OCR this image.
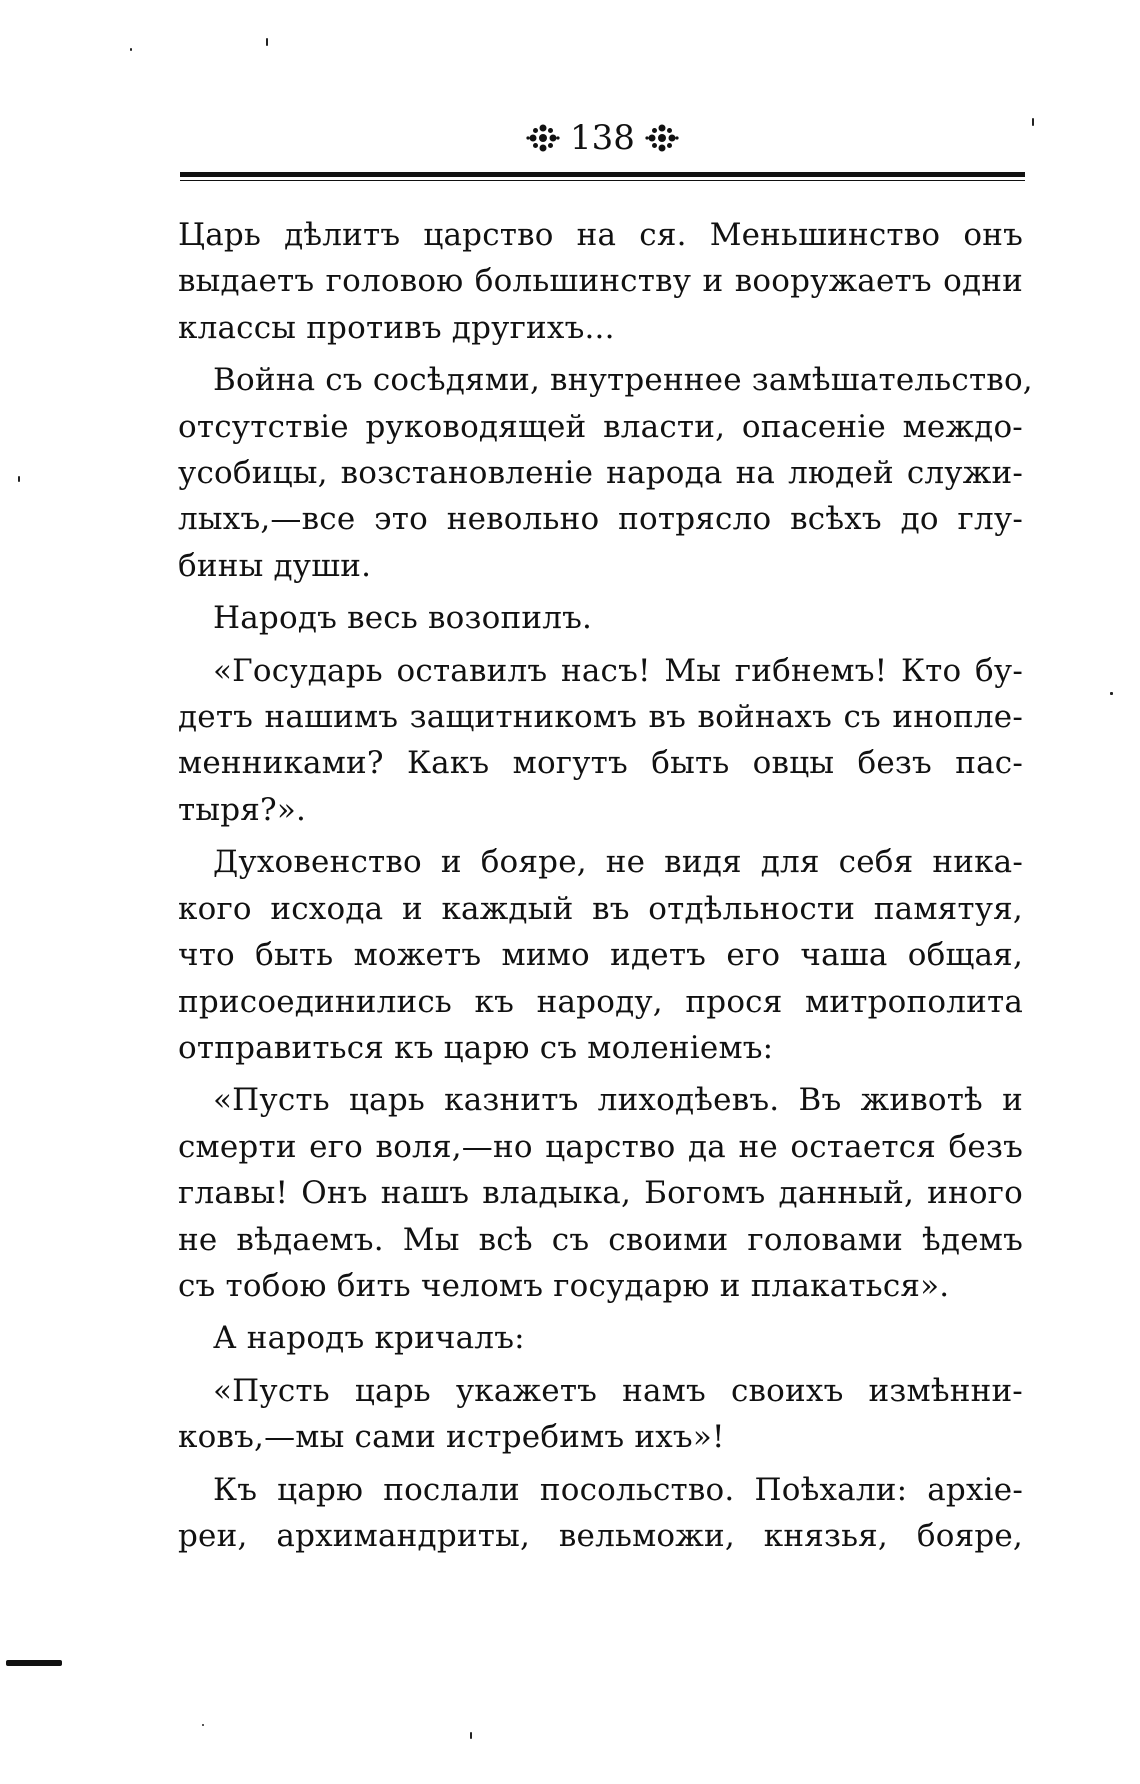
138
Царь дѣлитъ царство на ся. Меньшинство онъ
выдаетъ головою большинству и вооружаетъ одни
классы противъ другихъ...
Война съ сосѣдями, внутреннее замѣшательство,
отсутствіе руководящей власти, опасеніе междо-
усобицы, возстановленіе народа на людей служи-
лыхъ,—все это невольно потрясло всѣхъ до глу-
бины души.
Народъ весь возопилъ.
«Государь оставилъ насъ! Мы гибнемъ! Кто бу-
детъ нашимъ защитникомъ въ войнахъ съ инопле-
менниками? Какъ могутъ быть овцы безъ пас-
тыря?».
Духовенство и бояре, не видя для себя ника-
кого исхода и каждый въ отдѣльности памятуя,
что быть можетъ мимо идетъ его чаша общая,
присоединились къ народу, прося митрополита
отправиться къ царю съ моленіемъ:
«Пусть царь казнитъ лиходѣевъ. Въ животѣ и
смерти его воля,—но царство да не остается безъ
главы! Онъ нашъ владыка, Богомъ данный, иного
не вѣдаемъ. Мы всѣ съ своими головами ѣдемъ
съ тобою бить челомъ государю и плакаться».
А народъ кричалъ:
«Пусть царь укажетъ намъ своихъ измѣнни-
ковъ,—мы сами истребимъ ихъ»!
Къ царю послали посольство. Поѣхали: архіе-
реи, архимандриты, вельможи, князья, бояре,
